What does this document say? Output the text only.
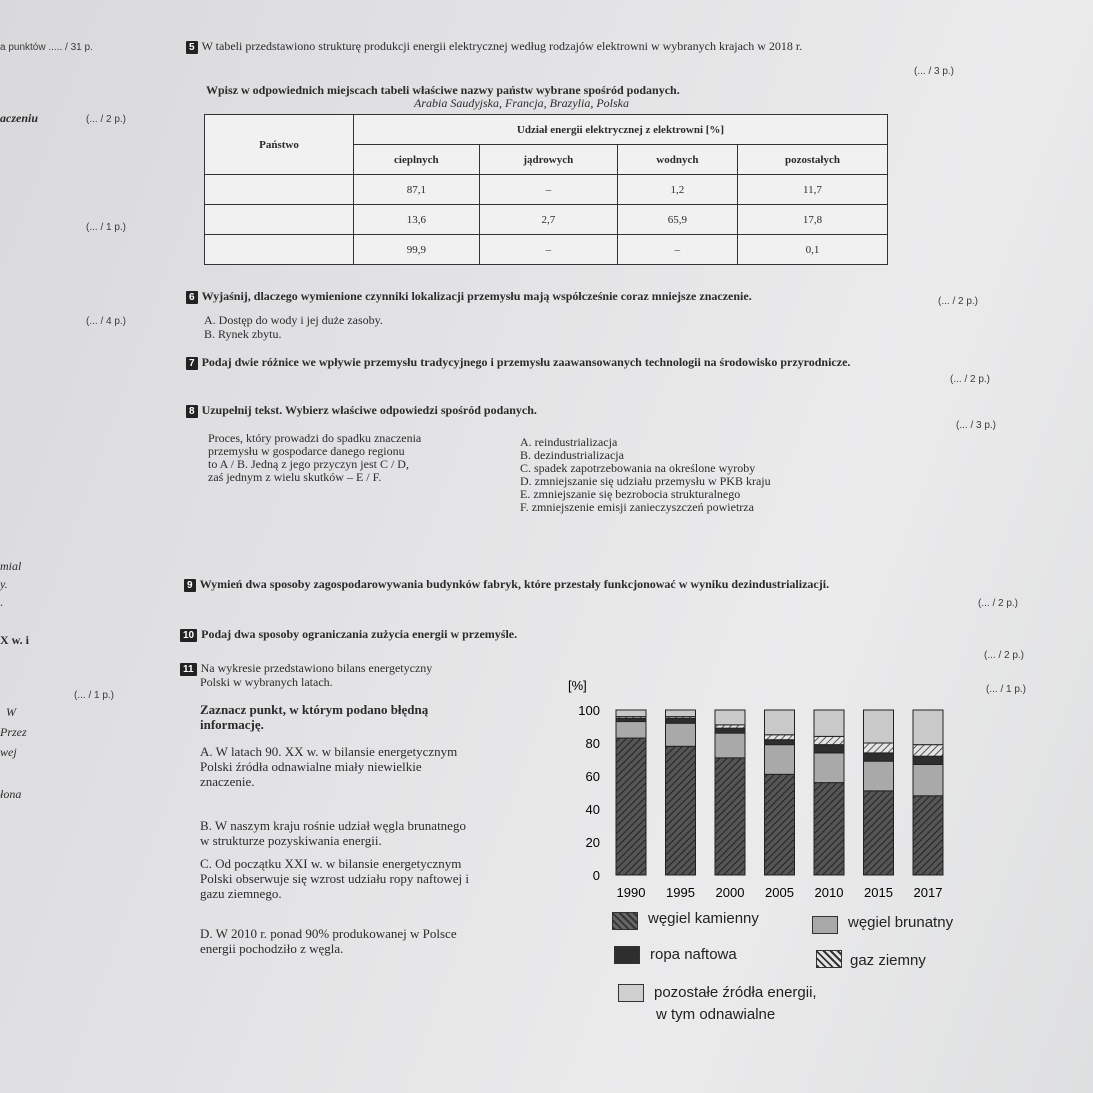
a punktów ..... / 31 p.
aczeniu	(... / 2 p.)
(... / 1 p.)
(... / 4 p.)
mial
y.
.
X w. i
(... / 1 p.)
W
Przez
wej
łona
5 W tabeli przedstawiono strukturę produkcji energii elektrycznej według rodzajów elektrowni w wybranych krajach w 2018 r.
(... / 3 p.)
Wpisz w odpowiednich miejscach tabeli właściwe nazwy państw wybrane spośród podanych.
Arabia Saudyjska, Francja, Brazylia, Polska
Państwo	Udział energii elektrycznej z elektrowni [%]			
	cieplnych	jądrowych	wodnych	pozostałych
	87,1	–	1,2	11,7
	13,6	2,7	65,9	17,8
	99,9	–	–	0,1
6 Wyjaśnij, dlaczego wymienione czynniki lokalizacji przemysłu mają współcześnie coraz mniejsze znaczenie.	(... / 2 p.)
A. Dostęp do wody i jej duże zasoby.
B. Rynek zbytu.
7 Podaj dwie różnice we wpływie przemysłu tradycyjnego i przemysłu zaawansowanych technologii na środowisko przyrodnicze.
(... / 2 p.)
8 Uzupełnij tekst. Wybierz właściwe odpowiedzi spośród podanych.
(... / 3 p.)
Proces, który prowadzi do spadku znaczenia
przemysłu w gospodarce danego regionu
to A / B. Jedną z jego przyczyn jest C / D,
zaś jednym z wielu skutków – E / F.
A. reindustrializacja
B. dezindustrializacja
C. spadek zapotrzebowania na określone wyroby
D. zmniejszanie się udziału przemysłu w PKB kraju
E. zmniejszanie się bezrobocia strukturalnego
F. zmniejszenie emisji zanieczyszczeń powietrza
9 Wymień dwa sposoby zagospodarowywania budynków fabryk, które przestały funkcjonować w wyniku dezindustrializacji.
(... / 2 p.)
10 Podaj dwa sposoby ograniczania zużycia energii w przemyśle.
(... / 2 p.)
11 Na wykresie przedstawiono bilans energetyczny
Polski w wybranych latach.
Zaznacz punkt, w którym podano błędną
informację.
(... / 1 p.)
A. W latach 90. XX w. w bilansie energetycznym
Polski źródła odnawialne miały niewielkie
znaczenie.
B. W naszym kraju rośnie udział węgla brunatnego
w strukturze pozyskiwania energii.
C. Od początku XXI w. w bilansie energetycznym
Polski obserwuje się wzrost udziału ropy naftowej i
gazu ziemnego.
D. W 2010 r. ponad 90% produkowanej w Polsce
energii pochodziło z węgla.
[%]
0
20
40
60
80
100
1990 1995 2000 2005 2010 2015 2017
węgiel kamienny	węgiel brunatny
ropa naftowa	gaz ziemny
pozostałe źródła energii,
w tym odnawialne
